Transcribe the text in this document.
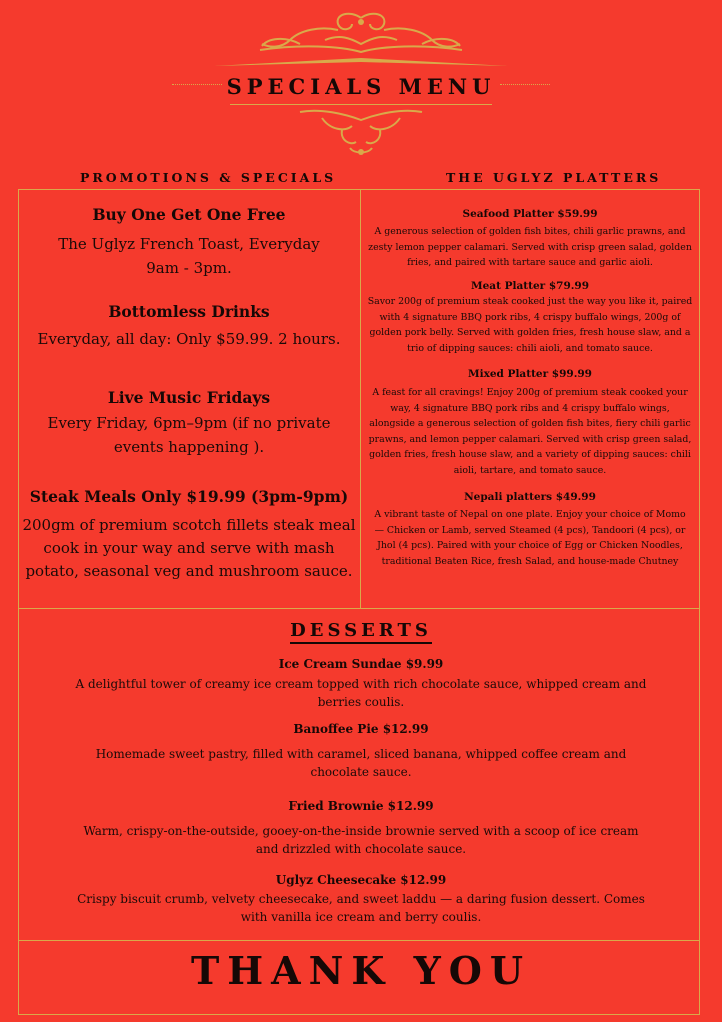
SPECIALS MENU
PROMOTIONS & SPECIALS	THE UGLYZ PLATTERS
Buy One Get One Free
The Uglyz French Toast, Everyday
9am - 3pm.
Bottomless Drinks
Everyday, all day: Only $59.99. 2 hours.
Live Music Fridays
Every Friday, 6pm–9pm (if no private
events happening ).
Steak Meals Only $19.99 (3pm-9pm)
200gm of premium scotch fillets steak meal
cook in your way and serve with mash
potato, seasonal veg and mushroom sauce.
Seafood Platter $59.99
A generous selection of golden fish bites, chili garlic prawns, and
zesty lemon pepper calamari. Served with crisp green salad, golden
fries, and paired with tartare sauce and garlic aioli.
Meat Platter $79.99
Savor 200g of premium steak cooked just the way you like it, paired
with 4 signature BBQ pork ribs, 4 crispy buffalo wings, 200g of
golden pork belly. Served with golden fries, fresh house slaw, and a
trio of dipping sauces: chili aioli, and tomato sauce.
Mixed Platter $99.99
A feast for all cravings! Enjoy 200g of premium steak cooked your
way, 4 signature BBQ pork ribs and 4 crispy buffalo wings,
alongside a generous selection of golden fish bites, fiery chili garlic
prawns, and lemon pepper calamari. Served with crisp green salad,
golden fries, fresh house slaw, and a variety of dipping sauces: chili
aioli, tartare, and tomato sauce.
Nepali platters $49.99
A vibrant taste of Nepal on one plate. Enjoy your choice of Momo
— Chicken or Lamb, served Steamed (4 pcs), Tandoori (4 pcs), or
Jhol (4 pcs). Paired with your choice of Egg or Chicken Noodles,
traditional Beaten Rice, fresh Salad, and house-made Chutney
DESSERTS
Ice Cream Sundae $9.99
A delightful tower of creamy ice cream topped with rich chocolate sauce, whipped cream and
berries coulis.
Banoffee Pie $12.99
Homemade sweet pastry, filled with caramel, sliced banana, whipped coffee cream and
chocolate sauce.
Fried Brownie $12.99
Warm, crispy-on-the-outside, gooey-on-the-inside brownie served with a scoop of ice cream
and drizzled with chocolate sauce.
Uglyz Cheesecake $12.99
Crispy biscuit crumb, velvety cheesecake, and sweet laddu — a daring fusion dessert. Comes
with vanilla ice cream and berry coulis.
THANK YOU
